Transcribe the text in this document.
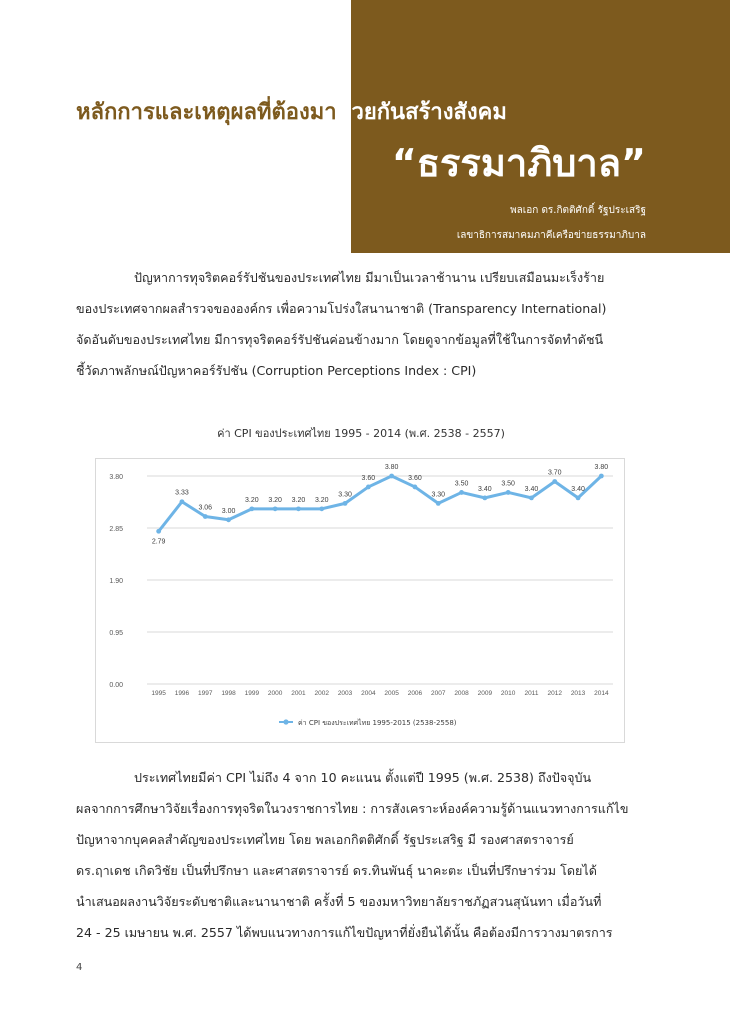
หลักการและเหตุผลที่ต้องมาช่วยกันสร้างสังคม
“ธรรมาภิบาล”
พลเอก ดร.กิตติศักดิ์ รัฐประเสริฐ
เลขาธิการสมาคมภาคีเครือข่ายธรรมาภิบาล
ปัญหาการทุจริตคอร์รัปชันของประเทศไทย มีมาเป็นเวลาช้านาน เปรียบเสมือนมะเร็งร้าย
ของประเทศจากผลสำรวจขององค์กร เพื่อความโปร่งใสนานาชาติ (Transparency International)
จัดอันดับของประเทศไทย มีการทุจริตคอร์รัปชันค่อนข้างมาก โดยดูจากข้อมูลที่ใช้ในการจัดทำดัชนี
ชี้วัดภาพลักษณ์ปัญหาคอร์รัปชัน (Corruption Perceptions Index : CPI)
ค่า CPI ของประเทศไทย 1995 - 2014 (พ.ศ. 2538 - 2557)
0.00
0.95
1.90
2.85
3.80
1995 1996 1997 1998 1999 2000 2001 2002 2003 2004 2005 2006 2007 2008 2009 2010 2011 2012 2013 2014
2.79
3.33
3.06 3.00
3.20 3.20 3.20 3.20
3.30
3.60
3.80
3.60
3.30
3.50
3.40
3.50
3.40
3.70
3.40
3.80
ค่า CPI ของประเทศไทย 1995-2015 (2538-2558)
ประเทศไทยมีค่า CPI ไม่ถึง 4 จาก 10 คะแนน ตั้งแต่ปี 1995 (พ.ศ. 2538) ถึงปัจจุบัน
ผลจากการศึกษาวิจัยเรื่องการทุจริตในวงราชการไทย : การสังเคราะห์องค์ความรู้ด้านแนวทางการแก้ไข
ปัญหาจากบุคคลสำคัญของประเทศไทย โดย พลเอกกิตติศักดิ์ รัฐประเสริฐ มี รองศาสตราจารย์
ดร.ฤาเดช เกิดวิชัย เป็นที่ปรึกษา และศาสตราจารย์ ดร.ทินพันธุ์ นาคะตะ เป็นที่ปรึกษาร่วม โดยได้
นำเสนอผลงานวิจัยระดับชาติและนานาชาติ ครั้งที่ 5 ของมหาวิทยาลัยราชภัฏสวนสุนันทา เมื่อวันที่
24 - 25 เมษายน พ.ศ. 2557 ได้พบแนวทางการแก้ไขปัญหาที่ยั่งยืนได้นั้น คือต้องมีการวางมาตรการ
4
